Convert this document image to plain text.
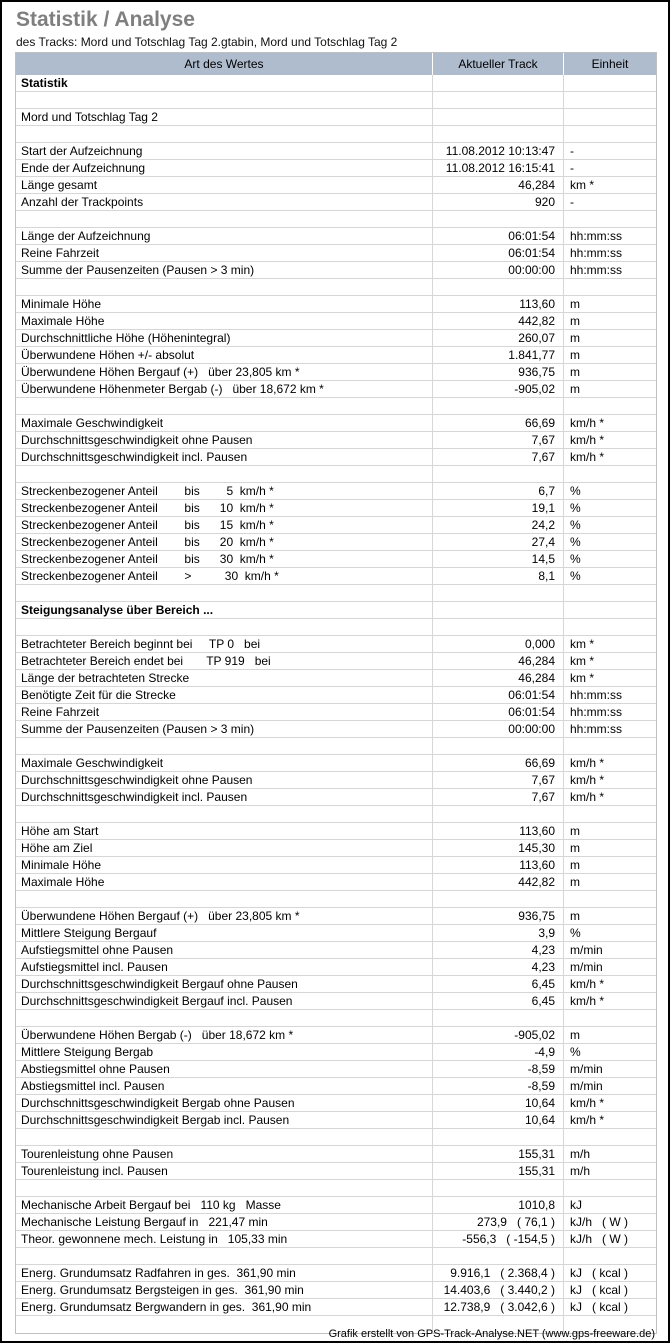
Statistik / Analyse
des Tracks: Mord und Totschlag Tag 2.gtabin, Mord und Totschlag Tag 2
Art des Wertes	Aktueller Track	Einheit
Statistik
Mord und Totschlag Tag 2
Start der Aufzeichnung	11.08.2012 10:13:47	-
Ende der Aufzeichnung	11.08.2012 16:15:41	-
Länge gesamt	46,284	km *
Anzahl der Trackpoints	920	-
Länge der Aufzeichnung	06:01:54	hh:mm:ss
Reine Fahrzeit	06:01:54	hh:mm:ss
Summe der Pausenzeiten (Pausen > 3 min)	00:00:00	hh:mm:ss
Minimale Höhe	113,60	m
Maximale Höhe	442,82	m
Durchschnittliche Höhe (Höhenintegral)	260,07	m
Überwundene Höhen +/- absolut	1.841,77	m
Überwundene Höhen Bergauf (+)   über 23,805 km *	936,75	m
Überwundene Höhenmeter Bergab (-)   über 18,672 km *	-905,02	m
Maximale Geschwindigkeit	66,69	km/h *
Durchschnittsgeschwindigkeit ohne Pausen	7,67	km/h *
Durchschnittsgeschwindigkeit incl. Pausen	7,67	km/h *
Streckenbezogener Anteil        bis        5  km/h *	6,7	%
Streckenbezogener Anteil        bis      10  km/h *	19,1	%
Streckenbezogener Anteil        bis      15  km/h *	24,2	%
Streckenbezogener Anteil        bis      20  km/h *	27,4	%
Streckenbezogener Anteil        bis      30  km/h *	14,5	%
Streckenbezogener Anteil        >          30  km/h *	8,1	%
Steigungsanalyse über Bereich ...
Betrachteter Bereich beginnt bei     TP 0   bei	0,000	km *
Betrachteter Bereich endet bei       TP 919   bei	46,284	km *
Länge der betrachteten Strecke	46,284	km *
Benötigte Zeit für die Strecke	06:01:54	hh:mm:ss
Reine Fahrzeit	06:01:54	hh:mm:ss
Summe der Pausenzeiten (Pausen > 3 min)	00:00:00	hh:mm:ss
Maximale Geschwindigkeit	66,69	km/h *
Durchschnittsgeschwindigkeit ohne Pausen	7,67	km/h *
Durchschnittsgeschwindigkeit incl. Pausen	7,67	km/h *
Höhe am Start	113,60	m
Höhe am Ziel	145,30	m
Minimale Höhe	113,60	m
Maximale Höhe	442,82	m
Überwundene Höhen Bergauf (+)   über 23,805 km *	936,75	m
Mittlere Steigung Bergauf	3,9	%
Aufstiegsmittel ohne Pausen	4,23	m/min
Aufstiegsmittel incl. Pausen	4,23	m/min
Durchschnittsgeschwindigkeit Bergauf ohne Pausen	6,45	km/h *
Durchschnittsgeschwindigkeit Bergauf incl. Pausen	6,45	km/h *
Überwundene Höhen Bergab (-)   über 18,672 km *	-905,02	m
Mittlere Steigung Bergab	-4,9	%
Abstiegsmittel ohne Pausen	-8,59	m/min
Abstiegsmittel incl. Pausen	-8,59	m/min
Durchschnittsgeschwindigkeit Bergab ohne Pausen	10,64	km/h *
Durchschnittsgeschwindigkeit Bergab incl. Pausen	10,64	km/h *
Tourenleistung ohne Pausen	155,31	m/h
Tourenleistung incl. Pausen	155,31	m/h
Mechanische Arbeit Bergauf bei   110 kg   Masse	1010,8	kJ
Mechanische Leistung Bergauf in   221,47 min	273,9   ( 76,1 )	kJ/h   ( W )
Theor. gewonnene mech. Leistung in   105,33 min	-556,3   ( -154,5 )	kJ/h   ( W )
Energ. Grundumsatz Radfahren in ges.  361,90 min	9.916,1   ( 2.368,4 )	kJ   ( kcal )
Energ. Grundumsatz Bergsteigen in ges.  361,90 min	14.403,6   ( 3.440,2 )	kJ   ( kcal )
Energ. Grundumsatz Bergwandern in ges.  361,90 min	12.738,9   ( 3.042,6 )	kJ   ( kcal )
Grafik erstellt von GPS-Track-Analyse.NET (www.gps-freeware.de)
